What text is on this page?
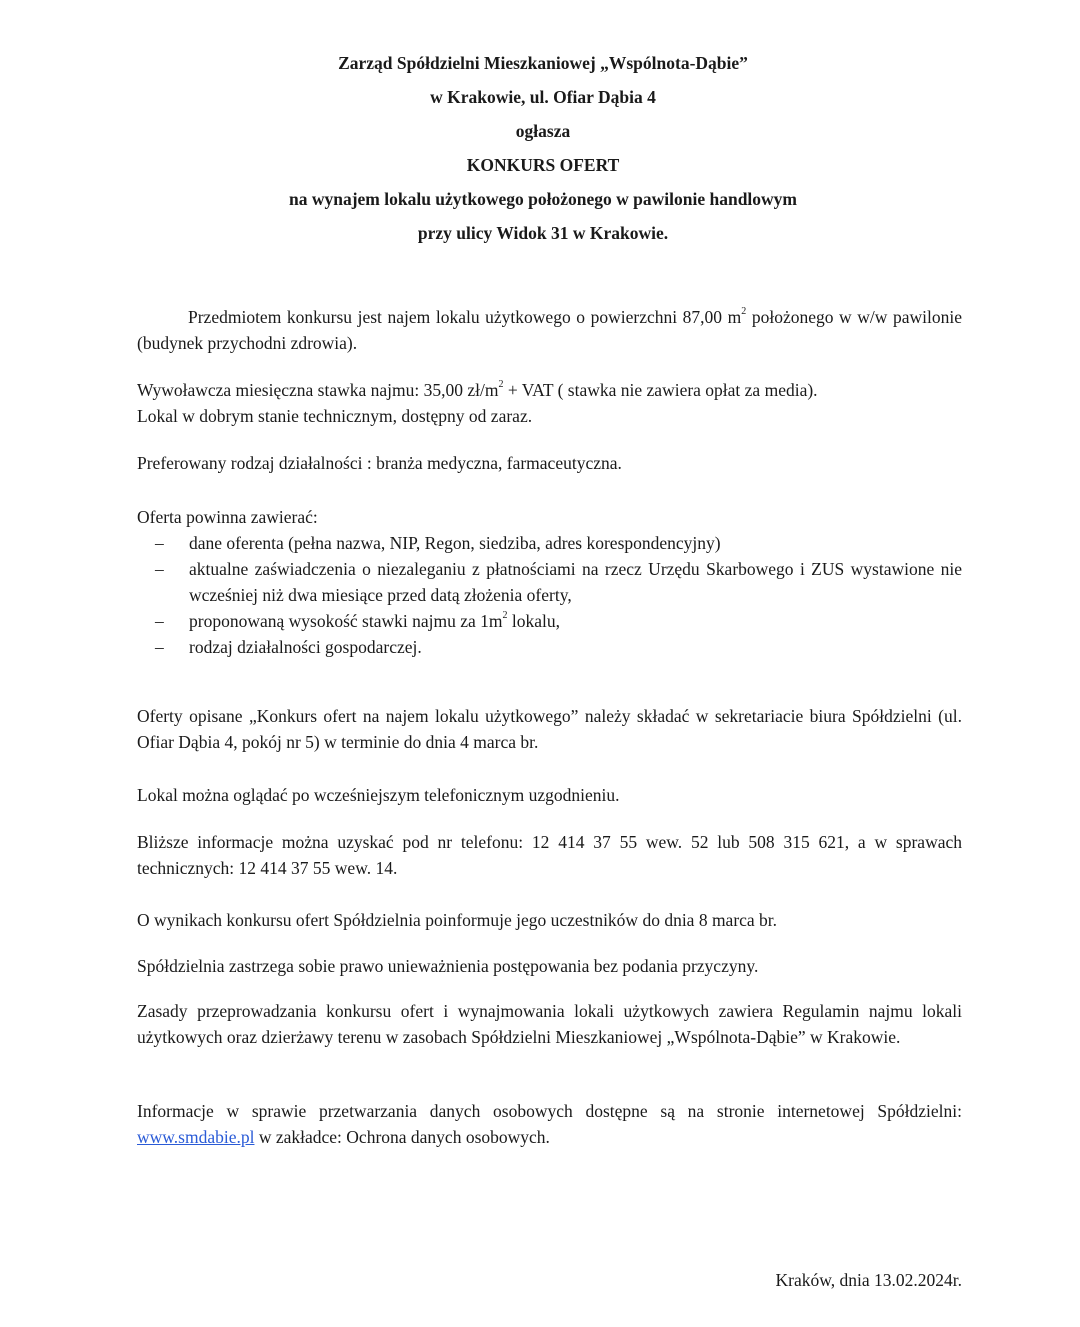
Zarząd Spółdzielni Mieszkaniowej „Wspólnota-Dąbie”
w Krakowie, ul. Ofiar Dąbia 4
ogłasza
KONKURS OFERT
na wynajem lokalu użytkowego położonego w pawilonie handlowym
przy ulicy Widok 31 w Krakowie.

Przedmiotem konkursu jest najem lokalu użytkowego o powierzchni 87,00 $m^2$ położonego w w/w pawilonie (budynek przychodni zdrowia).

Wywoławcza miesięczna stawka najmu: 35,00 $zł/m^2$ + VAT ( stawka nie zawiera opłat za media).
Lokal w dobrym stanie technicznym, dostępny od zaraz.
Preferowany rodzaj działalności : branża medyczna, farmaceutyczna.
Oferta powinna zawierać:
– dane oferenta (pełna nazwa, NIP, Regon, siedziba, adres korespondencyjny)
– aktualne zaświadczenia o niezaleganiu z płatnościami na rzecz Urzędu Skarbowego i ZUS wystawione nie wcześniej niż dwa miesiące przed datą złożenia oferty,
– proponowaną wysokość stawki najmu za $1m^2$ lokalu,
– rodzaj działalności gospodarczej.

Oferty opisane „Konkurs ofert na najem lokalu użytkowego” należy składać w sekretariacie biura Spółdzielni (ul. Ofiar Dąbia 4, pokój nr 5) w terminie do dnia 4 marca br.

Lokal można oglądać po wcześniejszym telefonicznym uzgodnieniu.

Bliższe informacje można uzyskać pod nr telefonu: 12 414 37 55 wew. 52 lub 508 315 621, a w sprawach technicznych: 12 414 37 55 wew. 14.

O wynikach konkursu ofert Spółdzielnia poinformuje jego uczestników do dnia 8 marca br.

Spółdzielnia zastrzega sobie prawo unieważnienia postępowania bez podania przyczyny.

Zasady przeprowadzania konkursu ofert i wynajmowania lokali użytkowych zawiera Regulamin najmu lokali użytkowych oraz dzierżawy terenu w zasobach Spółdzielni Mieszkaniowej „Wspólnota-Dąbie” w Krakowie.

Informacje w sprawie przetwarzania danych osobowych dostępne są na stronie internetowej Spółdzielni: www.smdabie.pl w zakładce: Ochrona danych osobowych.

Kraków, dnia 13.02.2024r.
